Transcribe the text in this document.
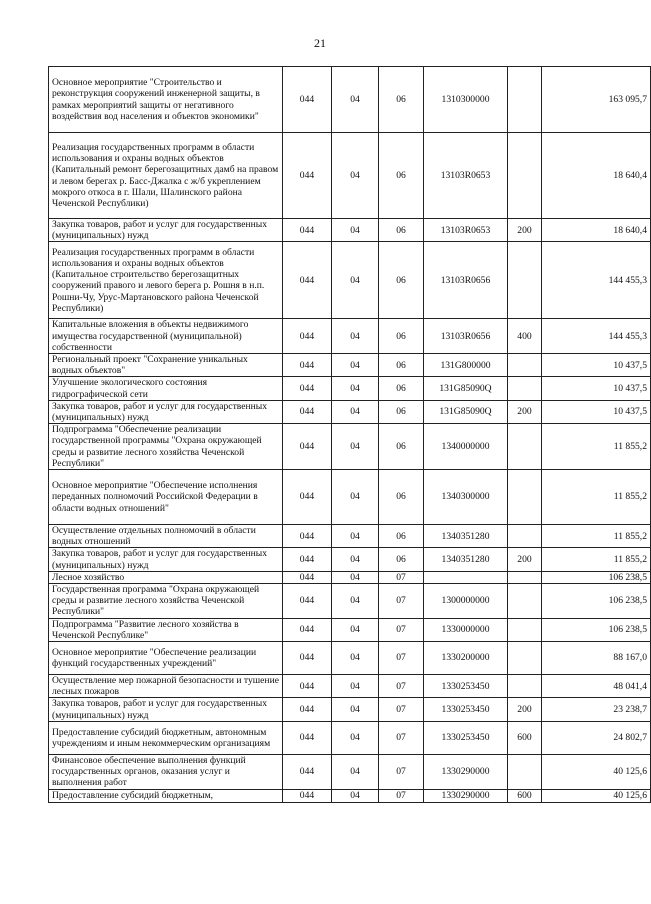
21
Основное мероприятие "Строительство и реконструкция сооружений инженерной защиты, в рамках мероприятий защиты от негативного воздействия вод населения и объектов экономики"	044	04	06	1310300000		163 095,7
Реализация государственных программ в области использования и охраны водных объектов (Капитальный ремонт берегозащитных дамб на правом и левом берегах р. Басс-Джалка с ж/б укреплением мокрого откоса в г. Шали, Шалинского района Чеченской Республики)	044	04	06	13103R0653		18 640,4
Закупка товаров, работ и услуг для государственных (муниципальных) нужд	044	04	06	13103R0653	200	18 640,4
Реализация государственных программ в области использования и охраны водных объектов (Капитальное строительство берегозащитных сооружений правого и левого берега р. Рошня в н.п. Рошни-Чу, Урус-Мартановского района Чеченской Республики)	044	04	06	13103R0656		144 455,3
Капитальные вложения в объекты недвижимого имущества государственной (муниципальной) собственности	044	04	06	13103R0656	400	144 455,3
Региональный проект "Сохранение уникальных водных объектов"	044	04	06	131G800000		10 437,5
Улучшение экологического состояния гидрографической сети	044	04	06	131G85090Q		10 437,5
Закупка товаров, работ и услуг для государственных (муниципальных) нужд	044	04	06	131G85090Q	200	10 437,5
Подпрограмма "Обеспечение реализации государственной программы "Охрана окружающей среды и развитие лесного хозяйства Чеченской Республики"	044	04	06	1340000000		11 855,2
Основное мероприятие "Обеспечение исполнения переданных полномочий Российской Федерации в области водных отношений"	044	04	06	1340300000		11 855,2
Осуществление отдельных полномочий в области водных отношений	044	04	06	1340351280		11 855,2
Закупка товаров, работ и услуг для государственных (муниципальных) нужд	044	04	06	1340351280	200	11 855,2
Лесное хозяйство	044	04	07			106 238,5
Государственная программа "Охрана окружающей среды и развитие лесного хозяйства Чеченской Республики"	044	04	07	1300000000		106 238,5
Подпрограмма "Развитие лесного хозяйства в Чеченской Республике"	044	04	07	1330000000		106 238,5
Основное мероприятие "Обеспечение реализации функций государственных учреждений"	044	04	07	1330200000		88 167,0
Осуществление мер пожарной безопасности и тушение лесных пожаров	044	04	07	1330253450		48 041,4
Закупка товаров, работ и услуг для государственных (муниципальных) нужд	044	04	07	1330253450	200	23 238,7
Предоставление субсидий бюджетным, автономным учреждениям и иным некоммерческим организациям	044	04	07	1330253450	600	24 802,7
Финансовое обеспечение выполнения функций государственных органов, оказания услуг и выполнения работ	044	04	07	1330290000		40 125,6
Предоставление субсидий бюджетным,	044	04	07	1330290000	600	40 125,6
